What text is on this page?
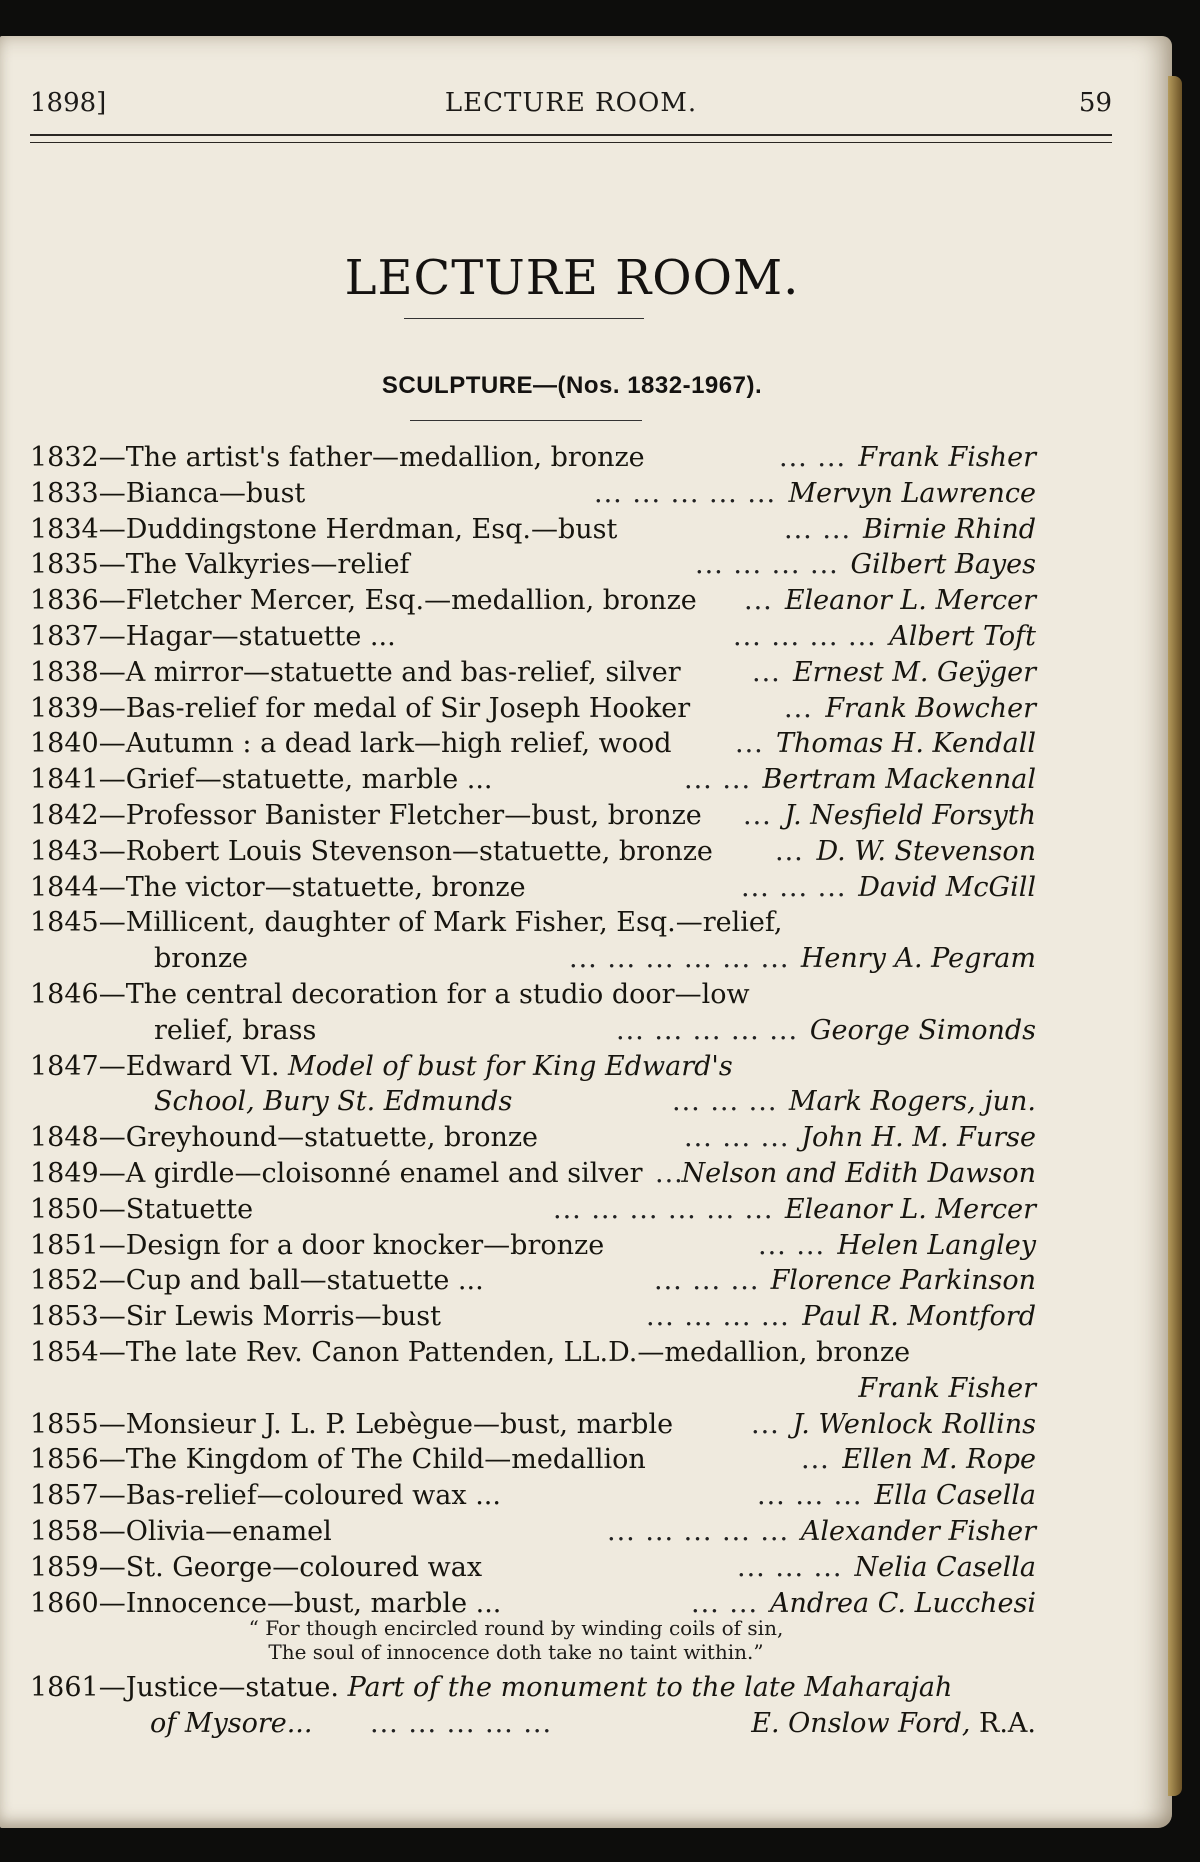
1898]	LECTURE ROOM.	59
LECTURE ROOM.
SCULPTURE—(Nos. 1832-1967).
1832—The artist's father—medallion, bronze	... ... Frank Fisher
1833—Bianca—bust	... ... ... ... ... Mervyn Lawrence
1834—Duddingstone Herdman, Esq.—bust	... ... Birnie Rhind
1835—The Valkyries—relief	... ... ... ... Gilbert Bayes
1836—Fletcher Mercer, Esq.—medallion, bronze ... Eleanor L. Mercer
1837—Hagar—statuette ...	... ... ... ... Albert Toft
1838—A mirror—statuette and bas-relief, silver	... Ernest M. Geÿger
1839—Bas-relief for medal of Sir Joseph Hooker	... Frank Bowcher
1840—Autumn : a dead lark—high relief, wood ... Thomas H. Kendall
1841—Grief—statuette, marble ...	... ... Bertram Mackennal
1842—Professor Banister Fletcher—bust, bronze ... J. Nesfield Forsyth
1843—Robert Louis Stevenson—statuette, bronze ... D. W. Stevenson
1844—The victor—statuette, bronze	... ... ... David McGill
1845—Millicent, daughter of Mark Fisher, Esq.—relief,
bronze	... ... ... ... ... ... Henry A. Pegram
1846—The central decoration for a studio door—low
relief, brass	... ... ... ... ... George Simonds
1847—Edward VI. Model of bust for King Edward's
School, Bury St. Edmunds	... ... ... Mark Rogers, jun.
1848—Greyhound—statuette, bronze	... ... ... John H. M. Furse
1849—A girdle—cloisonné enamel and silver ...
Nelson and Edith Dawson
1850—Statuette	... ... ... ... ... ... Eleanor L. Mercer
1851—Design for a door knocker—bronze	... ... Helen Langley
1852—Cup and ball—statuette ...	... ... ... Florence Parkinson
1853—Sir Lewis Morris—bust	... ... ... ... Paul R. Montford
1854—The late Rev. Canon Pattenden, LL.D.—medallion, bronze
Frank Fisher
1855—Monsieur J. L. P. Lebègue—bust, marble	... J. Wenlock Rollins
1856—The Kingdom of The Child—medallion	... Ellen M. Rope
1857—Bas-relief—coloured wax ...	... ... ... Ella Casella
1858—Olivia—enamel	... ... ... ... ... Alexander Fisher
1859—St. George—coloured wax	... ... ... Nelia Casella
1860—Innocence—bust, marble ...	... ... Andrea C. Lucchesi
“ For though encircled round by winding coils of sin,
The soul of innocence doth take no taint within.”
1861—Justice—statue. Part of the monument to the late Maharajah
of Mysore... ... ... ... ... ...	E. Onslow Ford, R.A.
